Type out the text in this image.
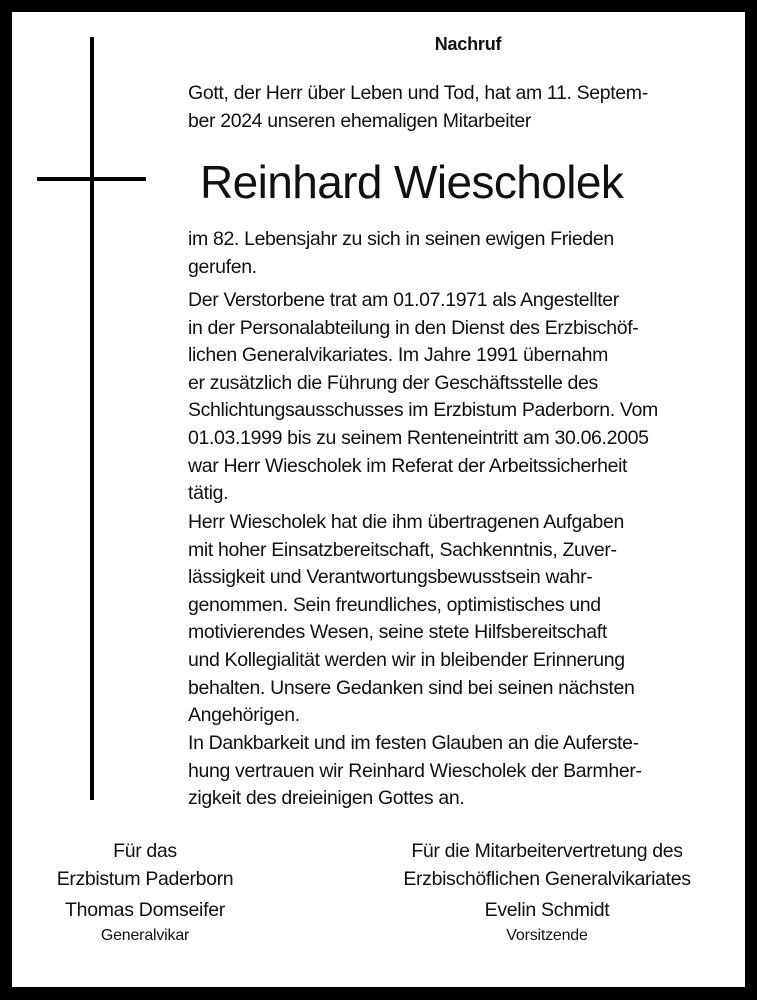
Nachruf

Gott, der Herr über Leben und Tod, hat am 11. Septem-
ber 2024 unseren ehemaligen Mitarbeiter

Reinhard Wiescholek

im 82. Lebensjahr zu sich in seinen ewigen Frieden
gerufen.

Der Verstorbene trat am 01.07.1971 als Angestellter
in der Personalabteilung in den Dienst des Erzbischöf-
lichen Generalvikariates. Im Jahre 1991 übernahm
er zusätzlich die Führung der Geschäftsstelle des
Schlichtungsausschusses im Erzbistum Paderborn. Vom
01.03.1999 bis zu seinem Renteneintritt am 30.06.2005
war Herr Wiescholek im Referat der Arbeitssicherheit
tätig.

Herr Wiescholek hat die ihm übertragenen Aufgaben
mit hoher Einsatzbereitschaft, Sachkenntnis, Zuver-
lässigkeit und Verantwortungsbewusstsein wahr-
genommen. Sein freundliches, optimistisches und
motivierendes Wesen, seine stete Hilfsbereitschaft
und Kollegialität werden wir in bleibender Erinnerung
behalten. Unsere Gedanken sind bei seinen nächsten
Angehörigen.

In Dankbarkeit und im festen Glauben an die Auferste-
hung vertrauen wir Reinhard Wiescholek der Barmher-
zigkeit des dreieinigen Gottes an.

Für das
Erzbistum Paderborn
Thomas Domseifer
Generalvikar
Für die Mitarbeitervertretung des
Erzbischöflichen Generalvikariates
Evelin Schmidt
Vorsitzende
